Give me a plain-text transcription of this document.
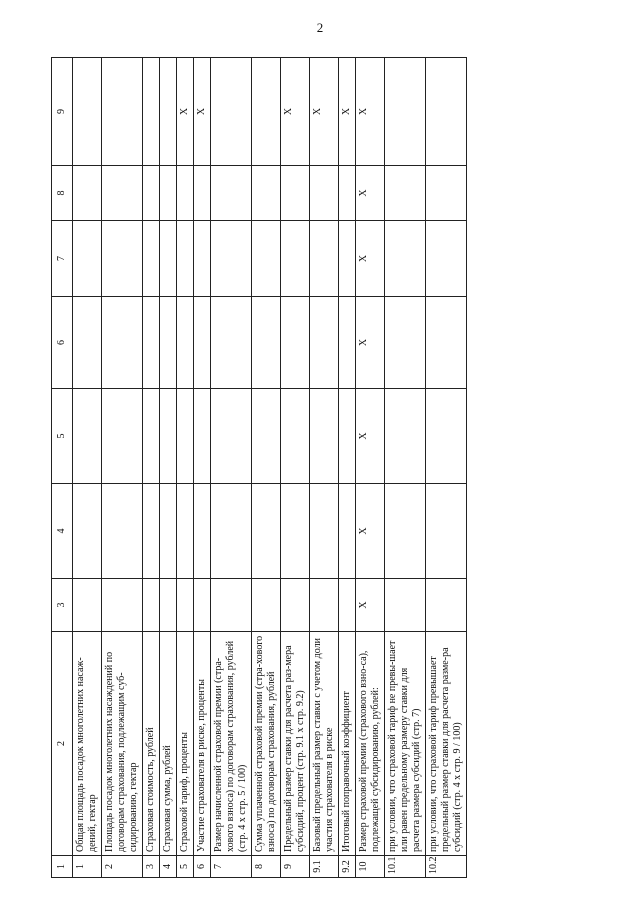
2
1	2	3	4	5	6	7	8	9
1	Общая площадь посадок многолетних насаж-дений, гектар							
2	Площадь посадок многолетних насаждений по договорам страхования, подлежащим суб-сидированию, гектар							
3	Страховая стоимость, рублей							
4	Страховая сумма, рублей							
5	Страховой тариф, проценты							X
6	Участие страхователя в риске, проценты							X
7	Размер начисленной страховой премии (стра-хового взноса) по договорам страхования, рублей (стр. 4 х стр. 5 / 100)							
8	Сумма уплаченной страховой премии (стра-хового взноса) по договорам страхования, рублей							
9	Предельный размер ставки для расчета раз-мера субсидий, процент (стр. 9.1 х стр. 9.2)							X
9.1	Базовый предельный размер ставки с учетом доли участия страхователя в риске							X
9.2	Итоговый поправочный коэффициент							X
10	Размер страховой премии (страхового взно-са), подлежащей субсидированию, рублей:	X	X	X	X	X	X	X
10.1	при условии, что страховой тариф не превы-шает или равен предельному размеру ставки для расчета размера субсидий (стр. 7)							
10.2	при условии, что страховой тариф превышает предельный размер ставки для расчета разме-ра субсидий (стр. 4 х стр. 9 / 100)							
